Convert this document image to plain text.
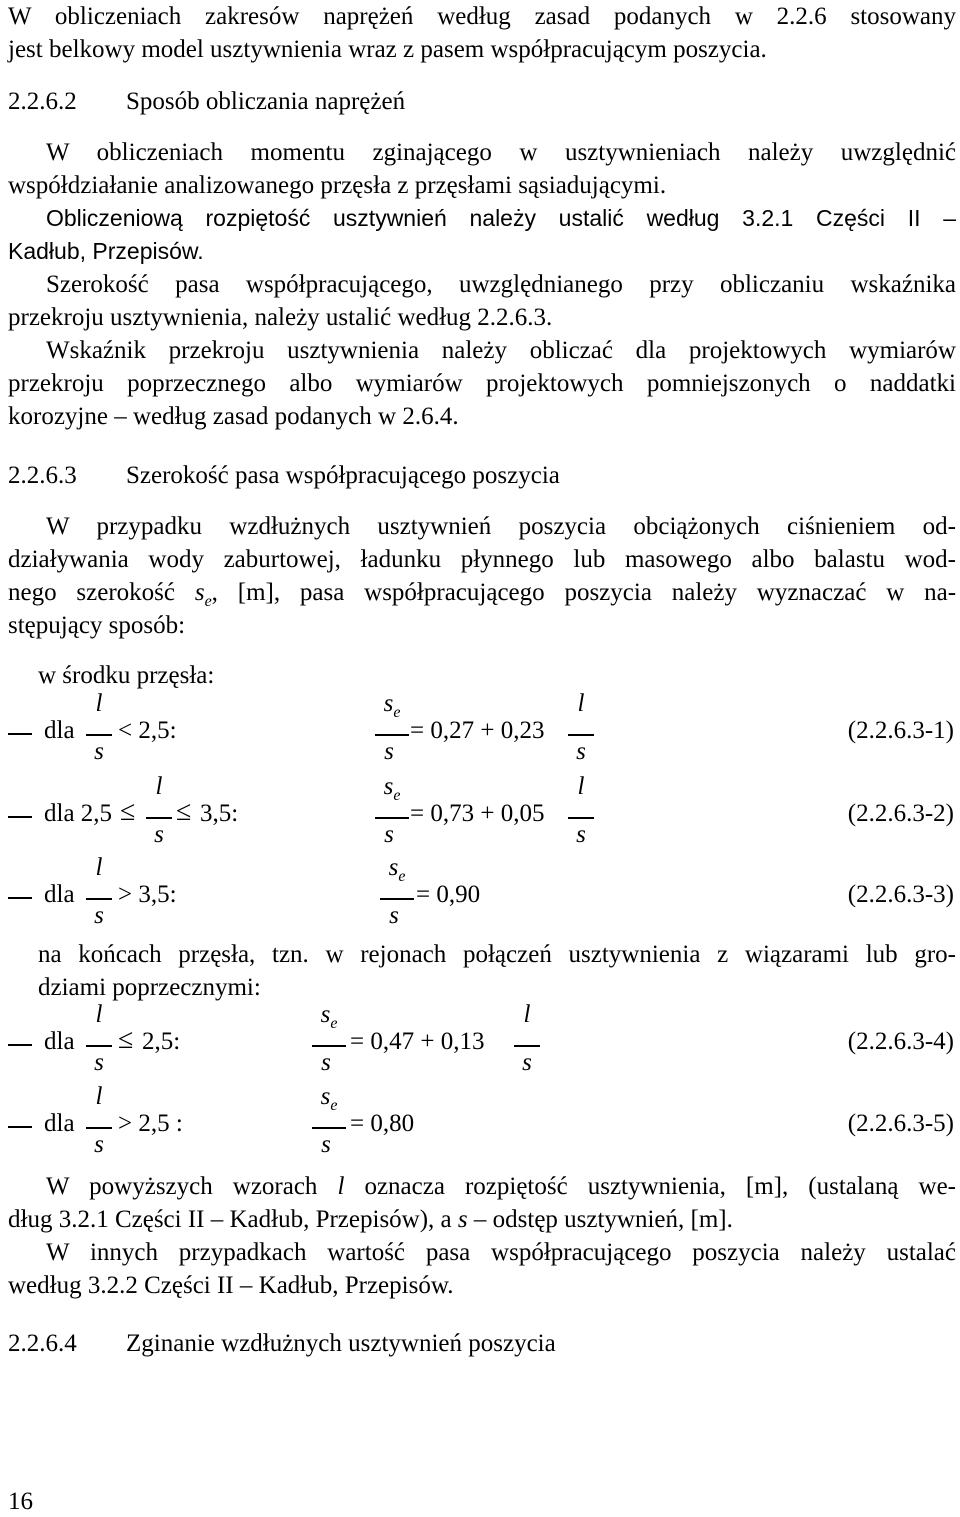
W obliczeniach zakresów naprężeń według zasad podanych w 2.2.6 stosowany
jest belkowy model usztywnienia wraz z pasem współpracującym poszycia.
2.2.6.2 Sposób obliczania naprężeń
W obliczeniach momentu zginającego w usztywnieniach należy uwzględnić
współdziałanie analizowanego przęsła z przęsłami sąsiadującymi.
Obliczeniową rozpiętość usztywnień należy ustalić według 3.2.1 Części II –
Kadłub, Przepisów.
Szerokość pasa współpracującego, uwzględnianego przy obliczaniu wskaźnika
przekroju usztywnienia, należy ustalić według 2.2.6.3.
Wskaźnik przekroju usztywnienia należy obliczać dla projektowych wymiarów
przekroju poprzecznego albo wymiarów projektowych pomniejszonych o naddatki
korozyjne – według zasad podanych w 2.6.4.
2.2.6.3 Szerokość pasa współpracującego poszycia
W przypadku wzdłużnych usztywnień poszycia obciążonych ciśnieniem od-
działywania wody zaburtowej, ładunku płynnego lub masowego albo balastu wod-
nego szerokość $s_e$, [m], pasa współpracującego poszycia należy wyznaczać w na-
stępujący sposób:
w środku przęsła:
dla
l
s
< 2,5:
$s_e$
s
= 0,27 + 0,23
l
s
(2.2.6.3-1)
dla 2,5 ≤
l
s
≤ 3,5:
$s_e$
s
= 0,73 + 0,05
l
s
(2.2.6.3-2)
dla
l
s
> 3,5:
$s_e$
s
= 0,90	(2.2.6.3-3)
na końcach przęsła, tzn. w rejonach połączeń usztywnienia z wiązarami lub gro-
dziami poprzecznymi:
dla
l
s
≤ 2,5:
$s_e$
s
= 0,47 + 0,13
l
s
(2.2.6.3-4)
dla
l
s
> 2,5 :
$s_e$
s
= 0,80	(2.2.6.3-5)
W powyższych wzorach l oznacza rozpiętość usztywnienia, [m], (ustalaną we-
dług 3.2.1 Części II – Kadłub, Przepisów), a s – odstęp usztywnień, [m].
W innych przypadkach wartość pasa współpracującego poszycia należy ustalać
według 3.2.2 Części II – Kadłub, Przepisów.
2.2.6.4 Zginanie wzdłużnych usztywnień poszycia
16
